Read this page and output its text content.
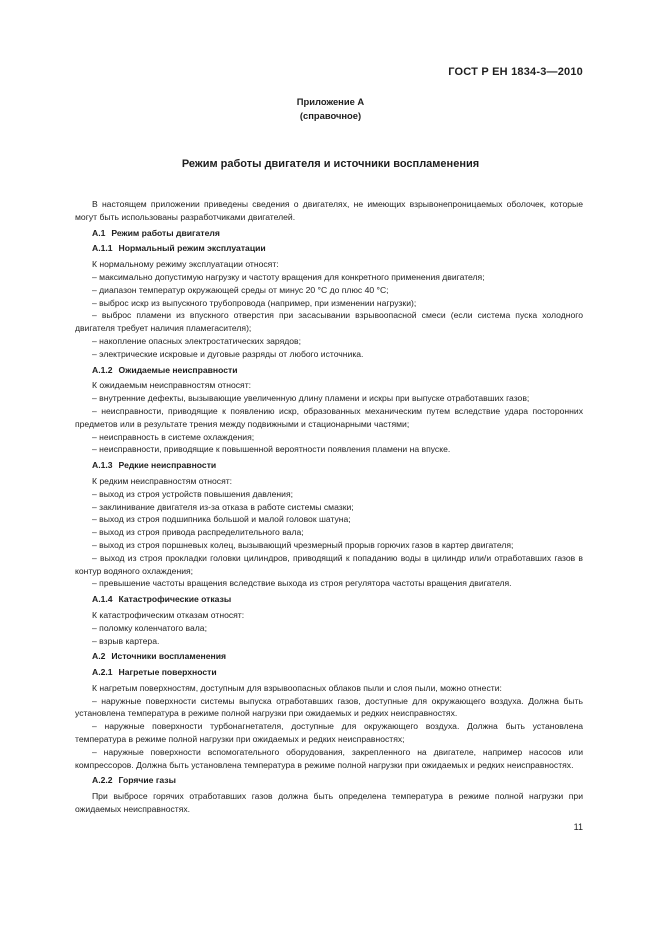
ГОСТ Р ЕН 1834-3—2010
Приложение А
(справочное)
Режим работы двигателя и источники воспламенения

В настоящем приложении приведены сведения о двигателях, не имеющих взрывонепроницаемых оболочек, которые могут быть использованы разработчиками двигателей.

А.1 Режим работы двигателя

А.1.1 Нормальный режим эксплуатации

К нормальному режиму эксплуатации относят:

– максимально допустимую нагрузку и частоту вращения для конкретного применения двигателя;

– диапазон температур окружающей среды от минус 20 °С до плюс 40 °С;

– выброс искр из выпускного трубопровода (например, при изменении нагрузки);

– выброс пламени из впускного отверстия при засасывании взрывоопасной смеси (если система пуска холодного двигателя требует наличия пламегасителя);

– накопление опасных электростатических зарядов;

– электрические искровые и дуговые разряды от любого источника.

А.1.2 Ожидаемые неисправности

К ожидаемым неисправностям относят:

– внутренние дефекты, вызывающие увеличенную длину пламени и искры при выпуске отработавших газов;

– неисправности, приводящие к появлению искр, образованных механическим путем вследствие удара посторонних предметов или в результате трения между подвижными и стационарными частями;

– неисправность в системе охлаждения;

– неисправности, приводящие к повышенной вероятности появления пламени на впуске.

А.1.3 Редкие неисправности

К редким неисправностям относят:

– выход из строя устройств повышения давления;

– заклинивание двигателя из-за отказа в работе системы смазки;

– выход из строя подшипника большой и малой головок шатуна;

– выход из строя привода распределительного вала;

– выход из строя поршневых колец, вызывающий чрезмерный прорыв горючих газов в картер двигателя;

– выход из строя прокладки головки цилиндров, приводящий к попаданию воды в цилиндр или/и отработавших газов в контур водяного охлаждения;

– превышение частоты вращения вследствие выхода из строя регулятора частоты вращения двигателя.

А.1.4 Катастрофические отказы

К катастрофическим отказам относят:

– поломку коленчатого вала;

– взрыв картера.

А.2 Источники воспламенения

А.2.1 Нагретые поверхности

К нагретым поверхностям, доступным для взрывоопасных облаков пыли и слоя пыли, можно отнести:

– наружные поверхности системы выпуска отработавших газов, доступные для окружающего воздуха. Должна быть установлена температура в режиме полной нагрузки при ожидаемых и редких неисправностях.

– наружные поверхности турбонагнетателя, доступные для окружающего воздуха. Должна быть установлена температура в режиме полной нагрузки при ожидаемых и редких неисправностях;

– наружные поверхности вспомогательного оборудования, закрепленного на двигателе, например насосов или компрессоров. Должна быть установлена температура в режиме полной нагрузки при ожидаемых и редких неисправностях.

А.2.2 Горячие газы

При выбросе горячих отработавших газов должна быть определена температура в режиме полной нагрузки при ожидаемых неисправностях.

11
